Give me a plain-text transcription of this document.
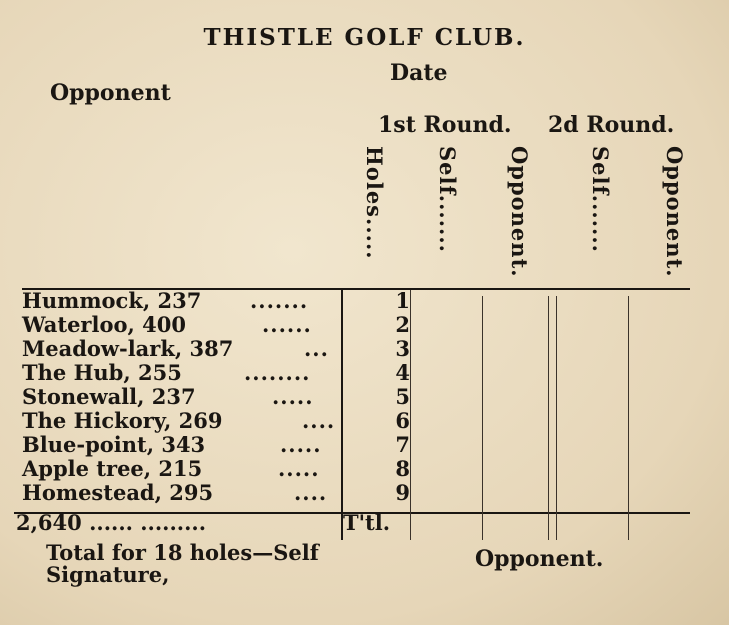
THISTLE GOLF CLUB.
Date
Opponent
1st Round. 2d Round.
Holes..... Self....... Opponent.	Self....... Opponent.
Hummock, 237 .......	1
Waterloo, 400	......	2
Meadow-lark, 387	...	3
The Hub, 255	........	4
Stonewall, 237	.....	5
The Hickory, 269	....	6
Blue-point, 343	.....	7
Apple tree, 215	.....	8
Homestead, 295	....	9
2,640 ...... .........	T'tl.
Total for 18 holes—Self	Opponent.
Signature,
